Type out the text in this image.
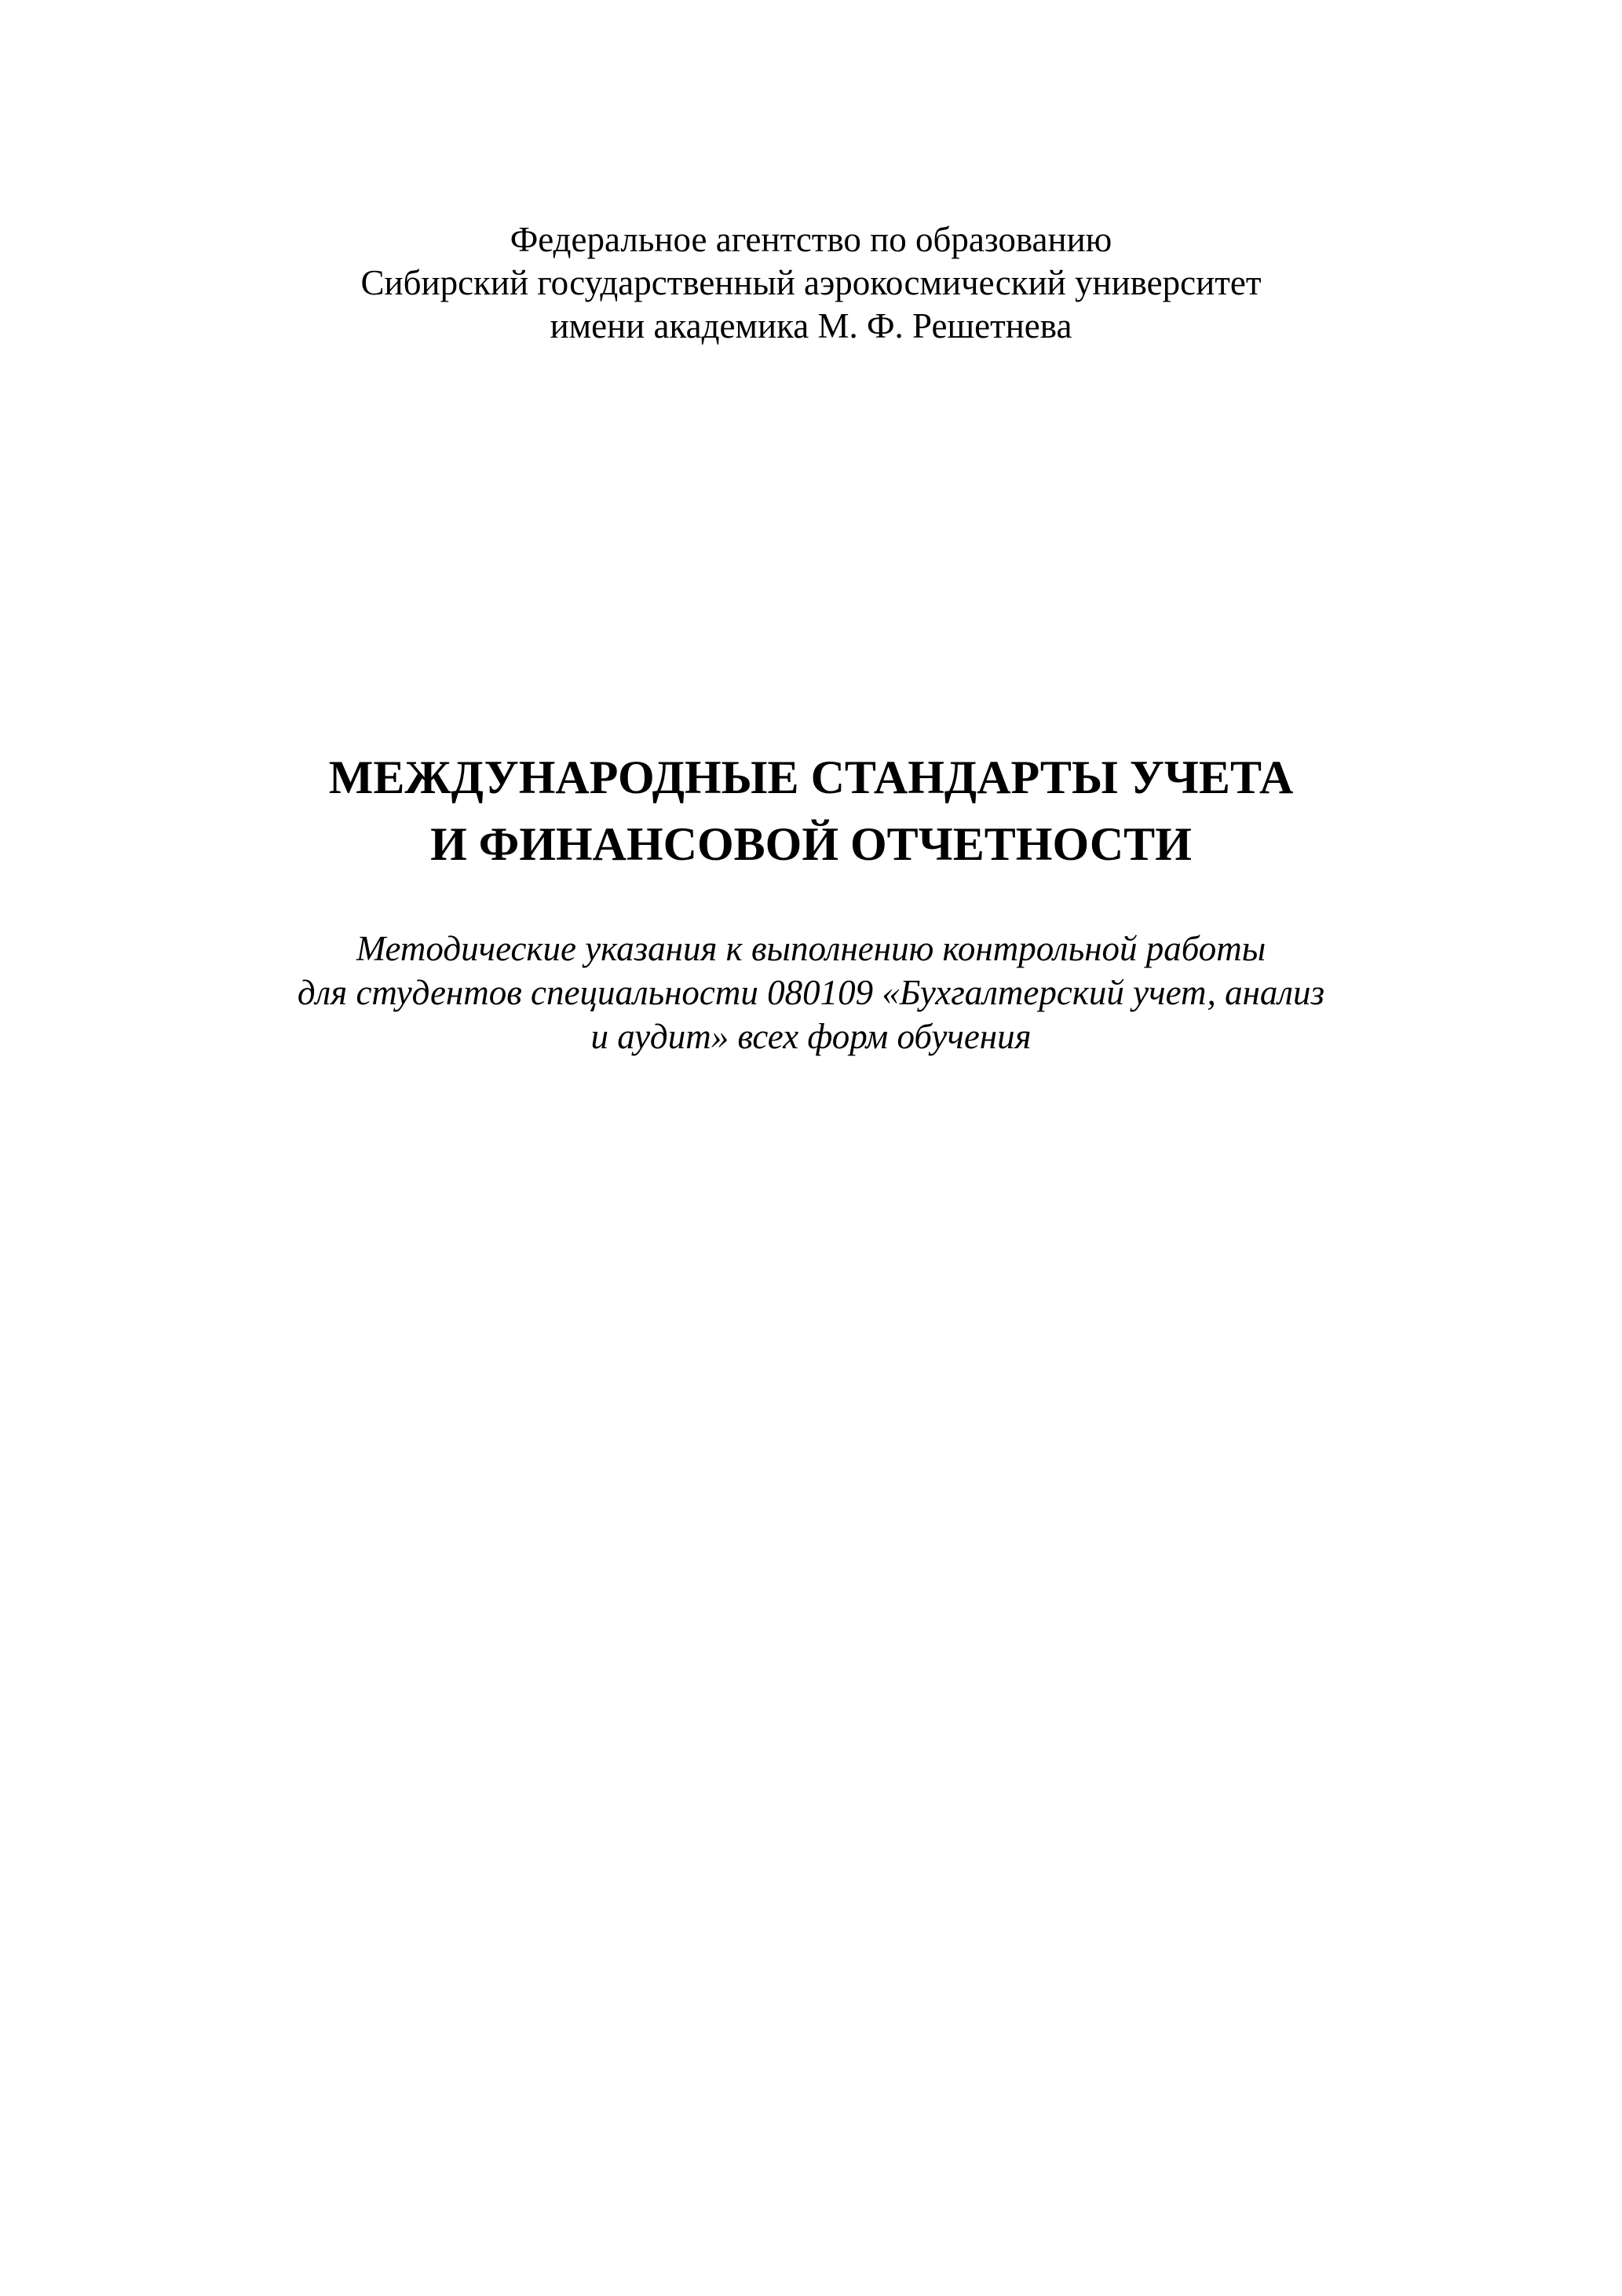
Федеральное агентство по образованию
Сибирский государственный аэрокосмический университет
имени академика М. Ф. Решетнева
МЕЖДУНАРОДНЫЕ СТАНДАРТЫ УЧЕТА
И ФИНАНСОВОЙ ОТЧЕТНОСТИ
Методические указания к выполнению контрольной работы
для студентов специальности 080109 «Бухгалтерский учет, анализ
и аудит» всех форм обучения
